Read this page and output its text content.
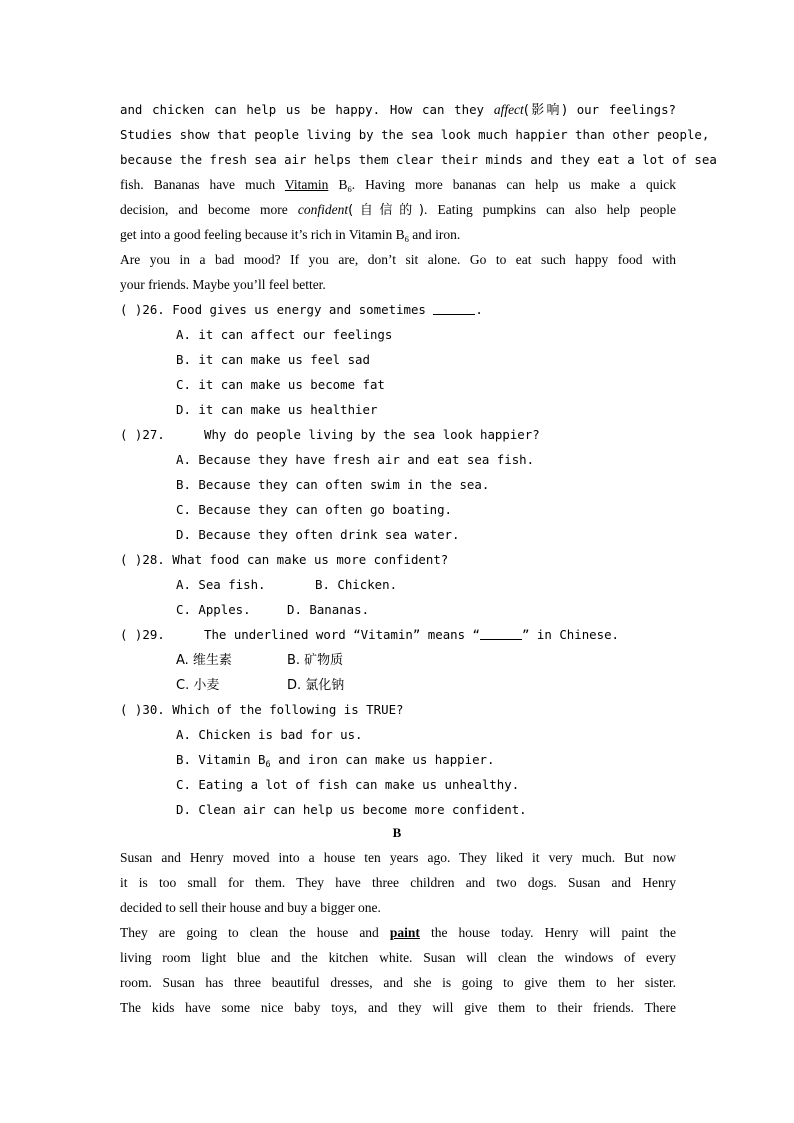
and chicken can help us be happy. How can they affect(影响) our feelings?
Studies show that people living by the sea look much happier than other people,
because the fresh sea air helps them clear their minds and they eat a lot of sea
fish. Bananas have much Vitamin $B_6$. Having more bananas can help us make a quick
decision, and become more confident(自信的). Eating pumpkins can also help people
get into a good feeling because it’s rich in Vitamin $B_6$ and iron.
Are you in a bad mood? If you are, don’t sit alone. Go to eat such happy food with
your friends. Maybe you’ll feel better.
( )26. Food gives us energy and sometimes	.
A. it can affect our feelings
B. it can make us feel sad
C. it can make us become fat
D. it can make us healthier
( )27.	Why do people living by the sea look happier?
A. Because they have fresh air and eat sea fish.
B. Because they can often swim in the sea.
C. Because they can often go boating.
D. Because they often drink sea water.
( )28. What food can make us more confident?
A. Sea fish.	B. Chicken.
C. Apples.	D. Bananas.
( )29.	The underlined word “Vitamin” means “	” in Chinese.
A. 维生素	B. 矿物质
C. 小麦	D. 氯化钠
( )30. Which of the following is TRUE?
A. Chicken is bad for us.
B. Vitamin $B_6$ and iron can make us happier.
C. Eating a lot of fish can make us unhealthy.
D. Clean air can help us become more confident.
B
Susan and Henry moved into a house ten years ago. They liked it very much. But now
it is too small for them. They have three children and two dogs. Susan and Henry
decided to sell their house and buy a bigger one.
They are going to clean the house and paint the house today. Henry will paint the
living room light blue and the kitchen white. Susan will clean the windows of every
room. Susan has three beautiful dresses, and she is going to give them to her sister.
The kids have some nice baby toys, and they will give them to their friends. There
